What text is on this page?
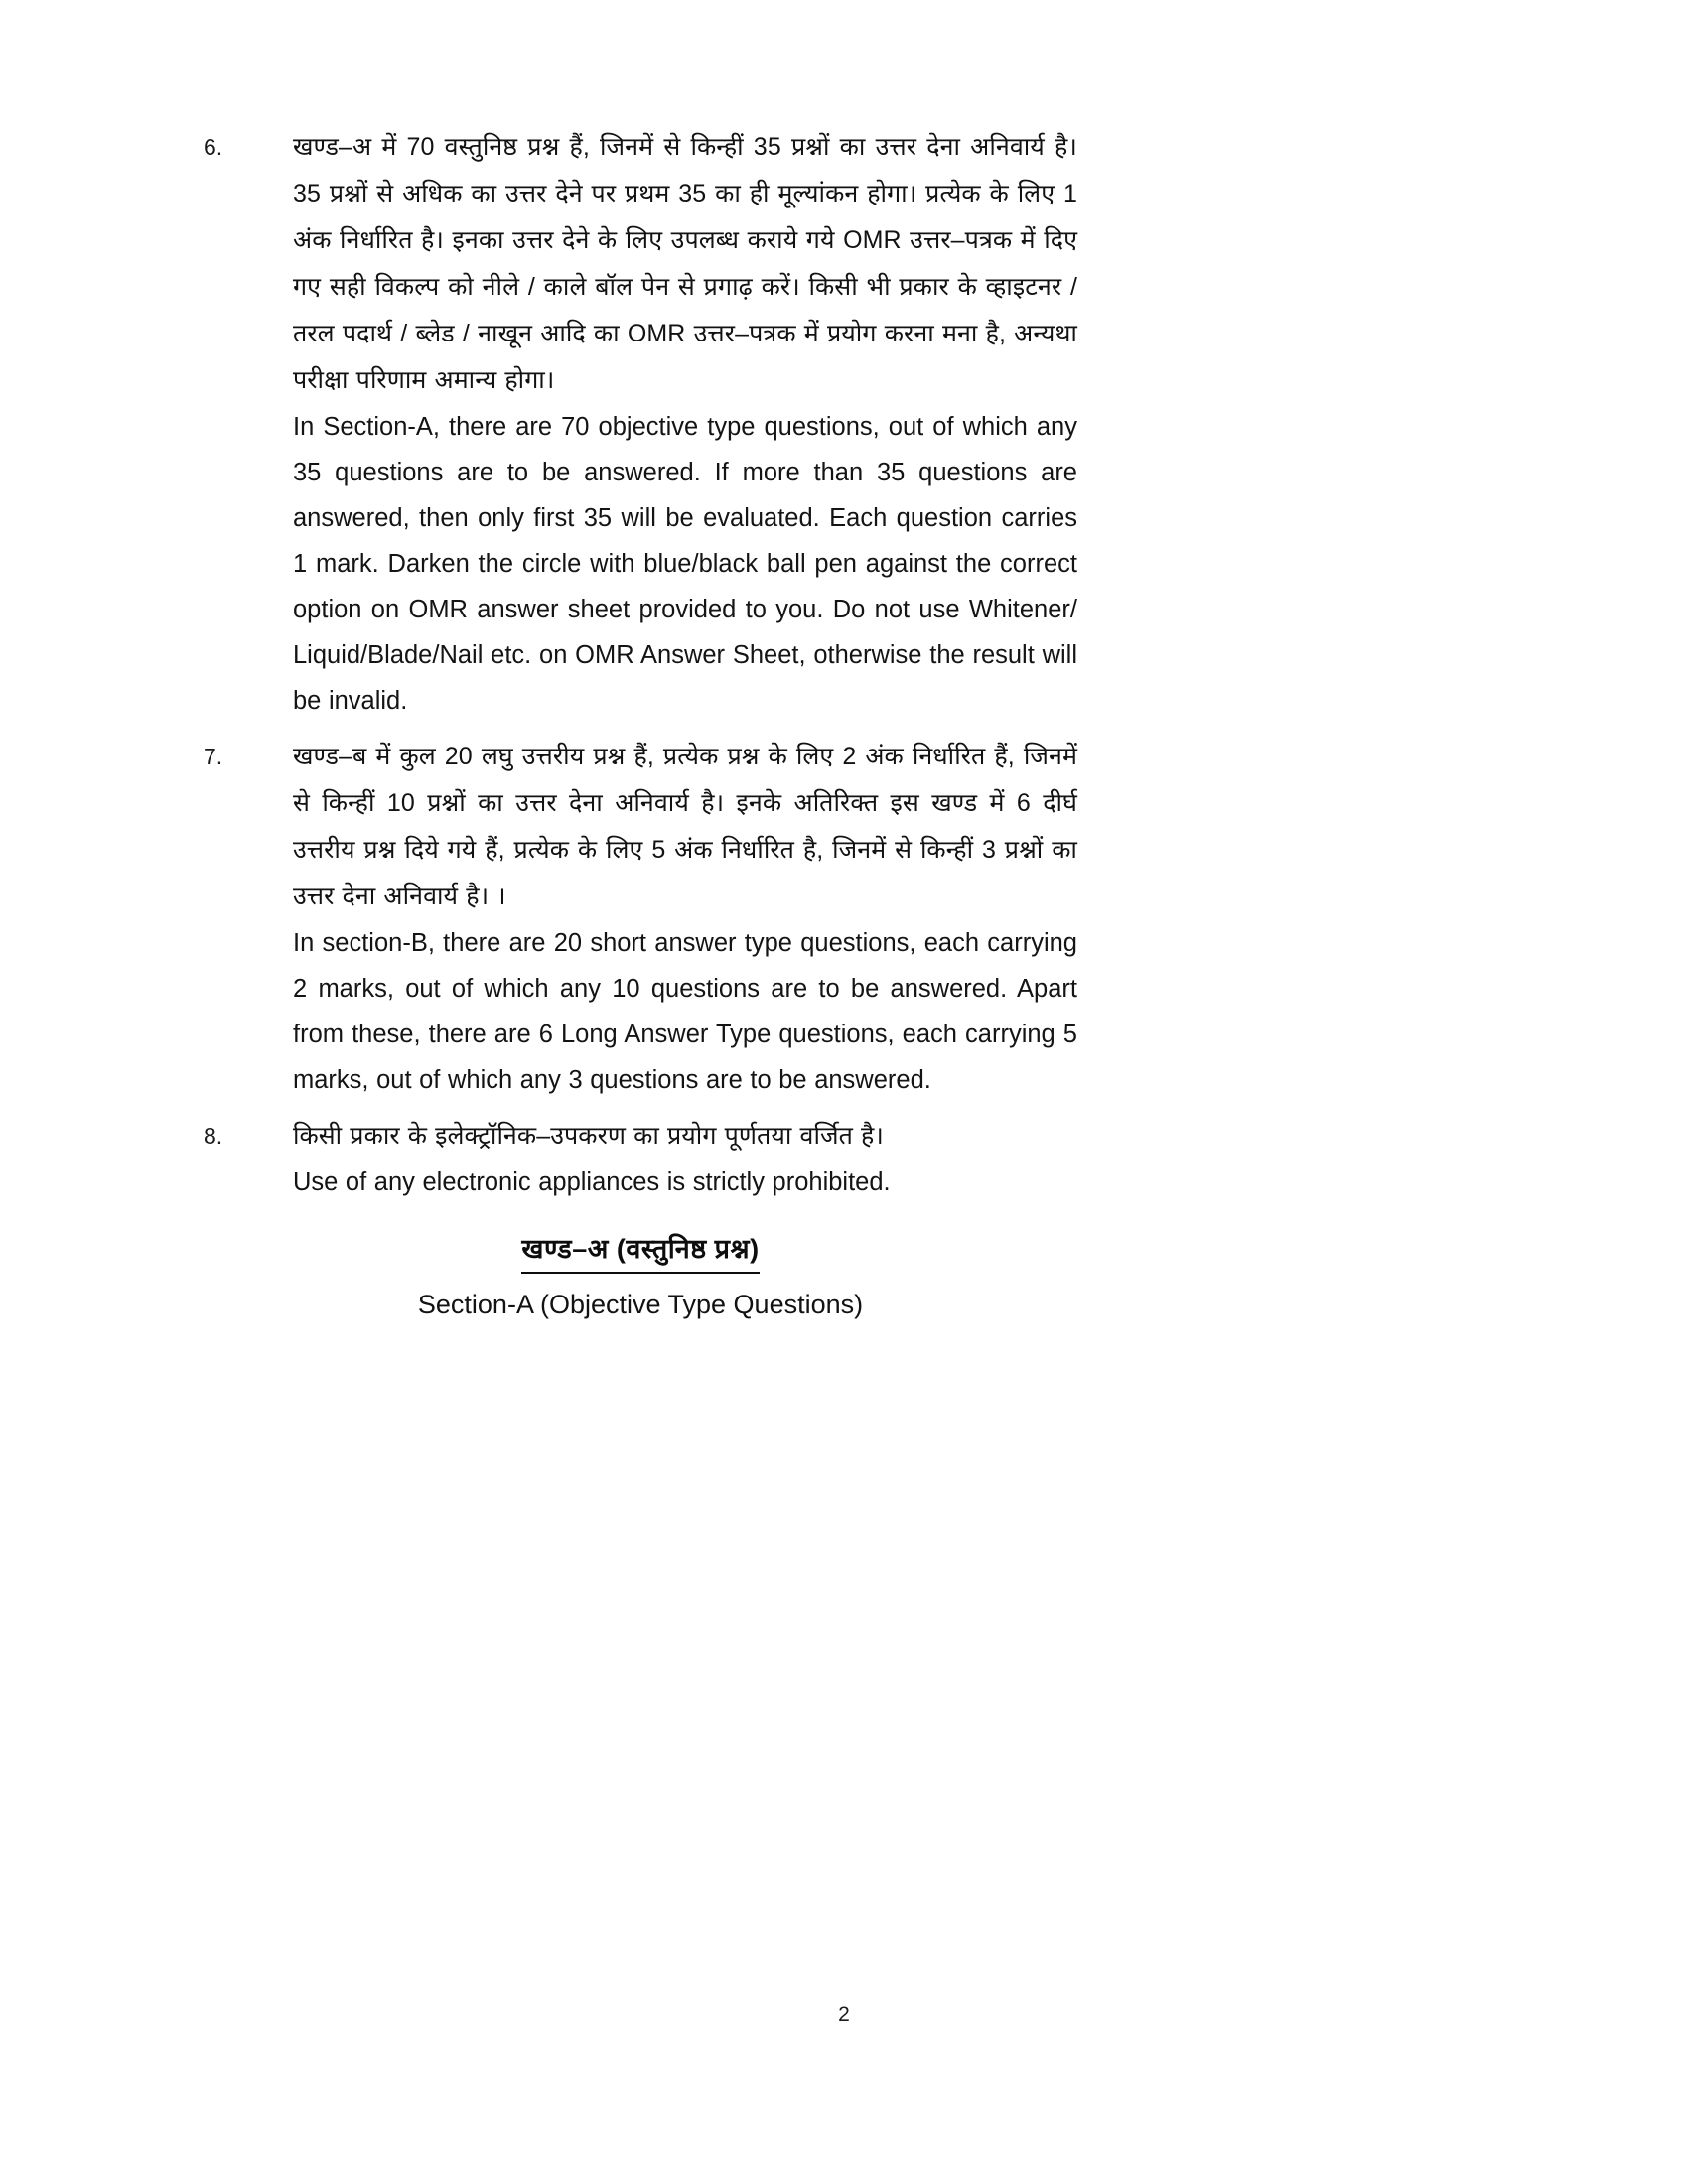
6.	खण्ड–अ में 70 वस्तुनिष्ठ प्रश्न हैं, जिनमें से किन्हीं 35 प्रश्नों का उत्तर देना अनिवार्य है। 35 प्रश्नों से अधिक का उत्तर देने पर प्रथम 35 का ही मूल्यांकन होगा। प्रत्येक के लिए 1 अंक निर्धारित है। इनका उत्तर देने के लिए उपलब्ध कराये गये OMR उत्तर–पत्रक में दिए गए सही विकल्प को नीले / काले बॉल पेन से प्रगाढ़ करें। किसी भी प्रकार के व्हाइटनर / तरल पदार्थ / ब्लेड / नाखून आदि का OMR उत्तर–पत्रक में प्रयोग करना मना है, अन्यथा परीक्षा परिणाम अमान्य होगा।

In Section-A, there are 70 objective type questions, out of which any 35 questions are to be answered. If more than 35 questions are answered, then only first 35 will be evaluated. Each question carries 1 mark. Darken the circle with blue/black ball pen against the correct option on OMR answer sheet provided to you. Do not use Whitener/ Liquid/Blade/Nail etc. on OMR Answer Sheet, otherwise the result will be invalid.

7.	खण्ड–ब में कुल 20 लघु उत्तरीय प्रश्न हैं, प्रत्येक प्रश्न के लिए 2 अंक निर्धारित हैं, जिनमें से किन्हीं 10 प्रश्नों का उत्तर देना अनिवार्य है। इनके अतिरिक्त इस खण्ड में 6 दीर्घ उत्तरीय प्रश्न दिये गये हैं, प्रत्येक के लिए 5 अंक निर्धारित है, जिनमें से किन्हीं 3 प्रश्नों का उत्तर देना अनिवार्य है। ।

In section-B, there are 20 short answer type questions, each carrying 2 marks, out of which any 10 questions are to be answered. Apart from these, there are 6 Long Answer Type questions, each carrying 5 marks, out of which any 3 questions are to be answered.

8.	किसी प्रकार के इलेक्ट्रॉनिक–उपकरण का प्रयोग पूर्णतया वर्जित है।

Use of any electronic appliances is strictly prohibited.

खण्ड–अ (वस्तुनिष्ठ प्रश्न)
Section-A (Objective Type Questions)
2
